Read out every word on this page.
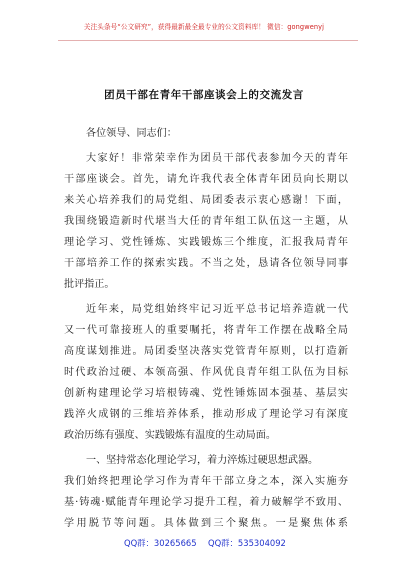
关注头条号“公文研究”，获得最新最全最专业的公文资料库！ 微信：gongwenyj
团员干部在青年干部座谈会上的交流发言
各位领导、同志们：
大家好！非常荣幸作为团员干部代表参加今天的青年
干部座谈会。首先，请允许我代表全体青年团员向长期以
来关心培养我们的局党组、局团委表示衷心感谢！下面，
我围绕锻造新时代堪当大任的青年组工队伍这一主题，从
理论学习、党性锤炼、实践锻炼三个维度，汇报我局青年
干部培养工作的探索实践。不当之处，恳请各位领导同事
批评指正。
近年来，局党组始终牢记习近平总书记培养造就一代
又一代可靠接班人的重要嘱托，将青年工作摆在战略全局
高度谋划推进。局团委坚决落实党管青年原则，以打造新
时代政治过硬、本领高强、作风优良青年组工队伍为目标
创新构建理论学习培根铸魂、党性锤炼固本强基、基层实
践淬火成钢的三维培养体系，推动形成了理论学习有深度
政治历练有强度、实践锻炼有温度的生动局面。
一、坚持常态化理论学习，着力淬炼过硬思想武器。
我们始终把理论学习作为青年干部立身之本，深入实施夯
基·铸魂·赋能青年理论学习提升工程，着力破解学不致用、
学用脱节等问题。具体做到三个聚焦。一是聚焦体系
QQ群：30265665 QQ群：535304092
